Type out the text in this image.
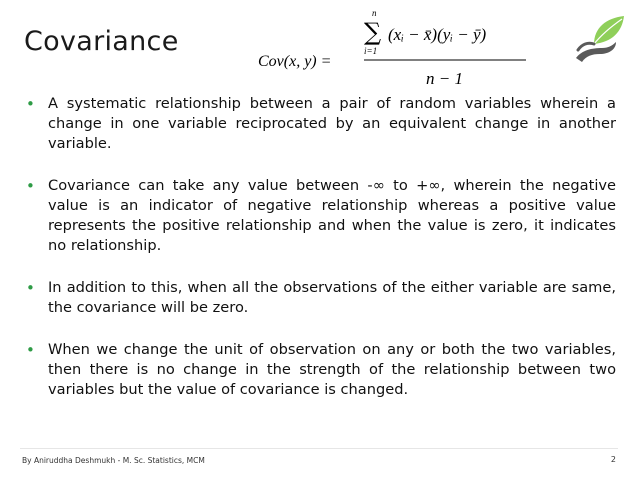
Covariance
Cov(x, y) =
n
∑
i=1
(xᵢ − x̄)(yᵢ − ȳ)
n − 1
• A systematic relationship between a pair of random variables wherein a change in one variable reciprocated by an equivalent change in another variable.
• Covariance can take any value between -∞ to +∞, wherein the negative value is an indicator of negative relationship whereas a positive value represents the positive relationship and when the value is zero, it indicates no relationship.
• In addition to this, when all the observations of the either variable are same, the covariance will be zero.
• When we change the unit of observation on any or both the two variables, then there is no change in the strength of the relationship between two variables but the value of covariance is changed.
By Aniruddha Deshmukh - M. Sc. Statistics, MCM	2
